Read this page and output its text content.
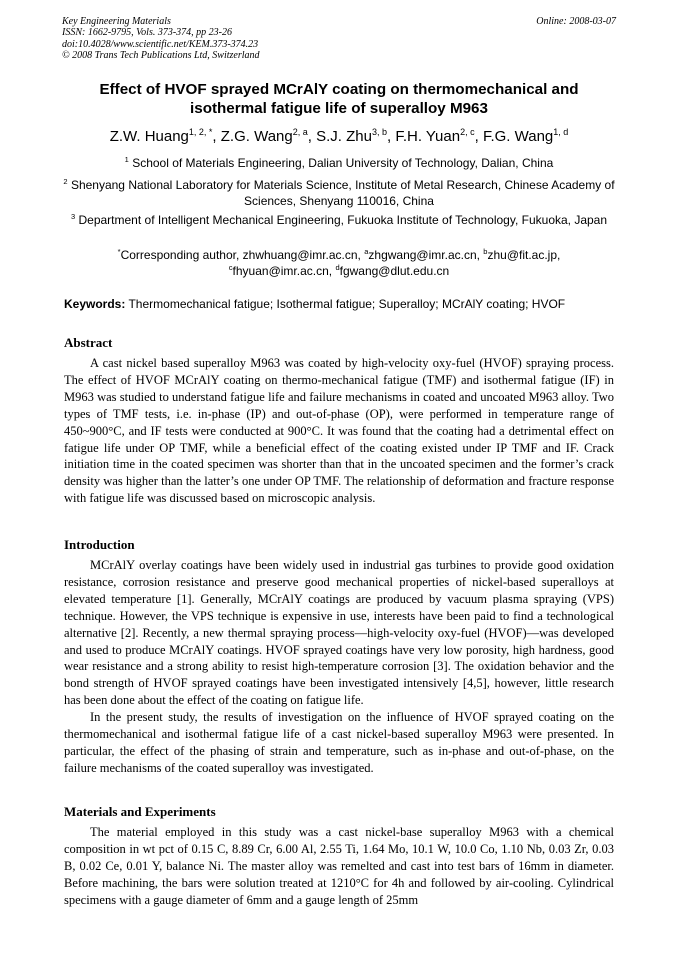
Key Engineering Materials
ISSN: 1662-9795, Vols. 373-374, pp 23-26
doi:10.4028/www.scientific.net/KEM.373-374.23
© 2008 Trans Tech Publications Ltd, Switzerland
Online: 2008-03-07
Effect of HVOF sprayed MCrAlY coating on thermomechanical and isothermal fatigue life of superalloy M963
Z.W. Huang$^{1, 2, *}$, Z.G. Wang$^{2, a}$, S.J. Zhu$^{3, b}$, F.H. Yuan$^{2, c}$, F.G. Wang$^{1, d}$
$^1$ School of Materials Engineering, Dalian University of Technology, Dalian, China
$^2$ Shenyang National Laboratory for Materials Science, Institute of Metal Research, Chinese Academy of Sciences, Shenyang 110016, China
$^3$ Department of Intelligent Mechanical Engineering, Fukuoka Institute of Technology, Fukuoka, Japan
*Corresponding author, zhwhuang@imr.ac.cn, $^a$zhgwang@imr.ac.cn, $^b$zhu@fit.ac.jp,
$^c$fhyuan@imr.ac.cn, $^d$fgwang@dlut.edu.cn
Keywords: Thermomechanical fatigue; Isothermal fatigue; Superalloy; MCrAlY coating; HVOF
Abstract

A cast nickel based superalloy M963 was coated by high-velocity oxy-fuel (HVOF) spraying process. The effect of HVOF MCrAlY coating on thermo-mechanical fatigue (TMF) and isothermal fatigue (IF) in M963 was studied to understand fatigue life and failure mechanisms in coated and uncoated M963 alloy. Two types of TMF tests, i.e. in-phase (IP) and out-of-phase (OP), were performed in temperature range of 450~900°C, and IF tests were conducted at 900°C. It was found that the coating had a detrimental effect on fatigue life under OP TMF, while a beneficial effect of the coating existed under IP TMF and IF. Crack initiation time in the coated specimen was shorter than that in the uncoated specimen and the former’s crack density was higher than the latter’s one under OP TMF. The relationship of deformation and fracture response with fatigue life was discussed based on microscopic analysis.

Introduction

MCrAlY overlay coatings have been widely used in industrial gas turbines to provide good oxidation resistance, corrosion resistance and preserve good mechanical properties of nickel-based superalloys at elevated temperature [1]. Generally, MCrAlY coatings are produced by vacuum plasma spraying (VPS) technique. However, the VPS technique is expensive in use, interests have been paid to find a technological alternative [2]. Recently, a new thermal spraying process—high-velocity oxy-fuel (HVOF)—was developed and used to produce MCrAlY coatings. HVOF sprayed coatings have very low porosity, high hardness, good wear resistance and a strong ability to resist high-temperature corrosion [3]. The oxidation behavior and the bond strength of HVOF sprayed coatings have been investigated intensively [4,5], however, little research has been done about the effect of the coating on fatigue life.

In the present study, the results of investigation on the influence of HVOF sprayed coating on the thermomechanical and isothermal fatigue life of a cast nickel-based superalloy M963 were presented. In particular, the effect of the phasing of strain and temperature, such as in-phase and out-of-phase, on the failure mechanisms of the coated superalloy was investigated.

Materials and Experiments

The material employed in this study was a cast nickel-base superalloy M963 with a chemical composition in wt pct of 0.15 C, 8.89 Cr, 6.00 Al, 2.55 Ti, 1.64 Mo, 10.1 W, 10.0 Co, 1.10 Nb, 0.03 Zr, 0.03 B, 0.02 Ce, 0.01 Y, balance Ni. The master alloy was remelted and cast into test bars of 16mm in diameter. Before machining, the bars were solution treated at 1210°C for 4h and followed by air-cooling. Cylindrical specimens with a gauge diameter of 6mm and a gauge length of 25mm
